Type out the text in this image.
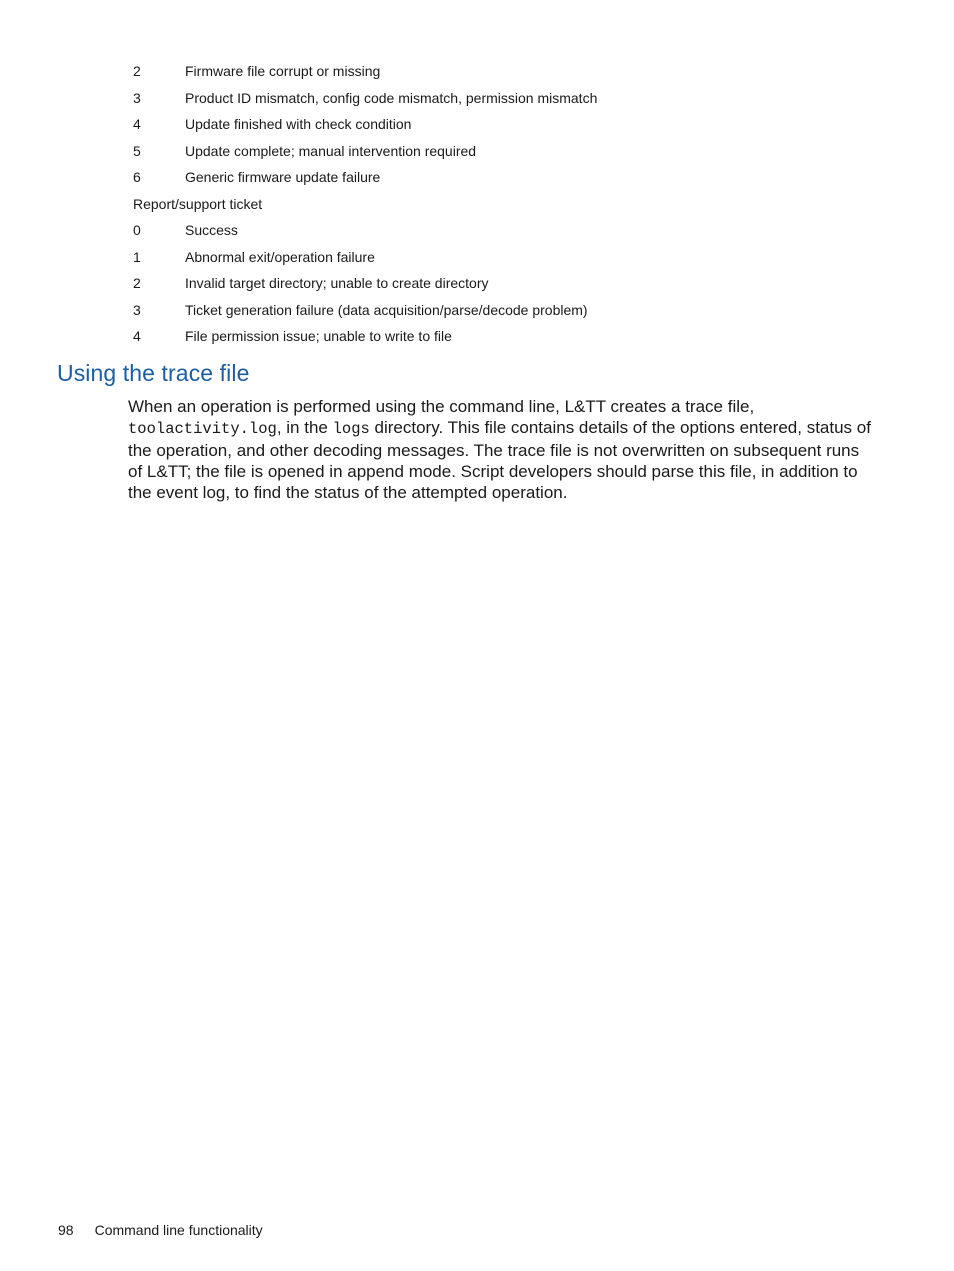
2	Firmware file corrupt or missing
3	Product ID mismatch, config code mismatch, permission mismatch
4	Update finished with check condition
5	Update complete; manual intervention required
6	Generic firmware update failure
Report/support ticket
0	Success
1	Abnormal exit/operation failure
2	Invalid target directory; unable to create directory
3	Ticket generation failure (data acquisition/parse/decode problem)
4	File permission issue; unable to write to file
Using the trace file

When an operation is performed using the command line, L&TT creates a trace file, toolactivity.log, in the logs directory. This file contains details of the options entered, status of the operation, and other decoding messages. The trace file is not overwritten on subsequent runs of L&TT; the file is opened in append mode. Script developers should parse this file, in addition to the event log, to find the status of the attempted operation.

98 Command line functionality
